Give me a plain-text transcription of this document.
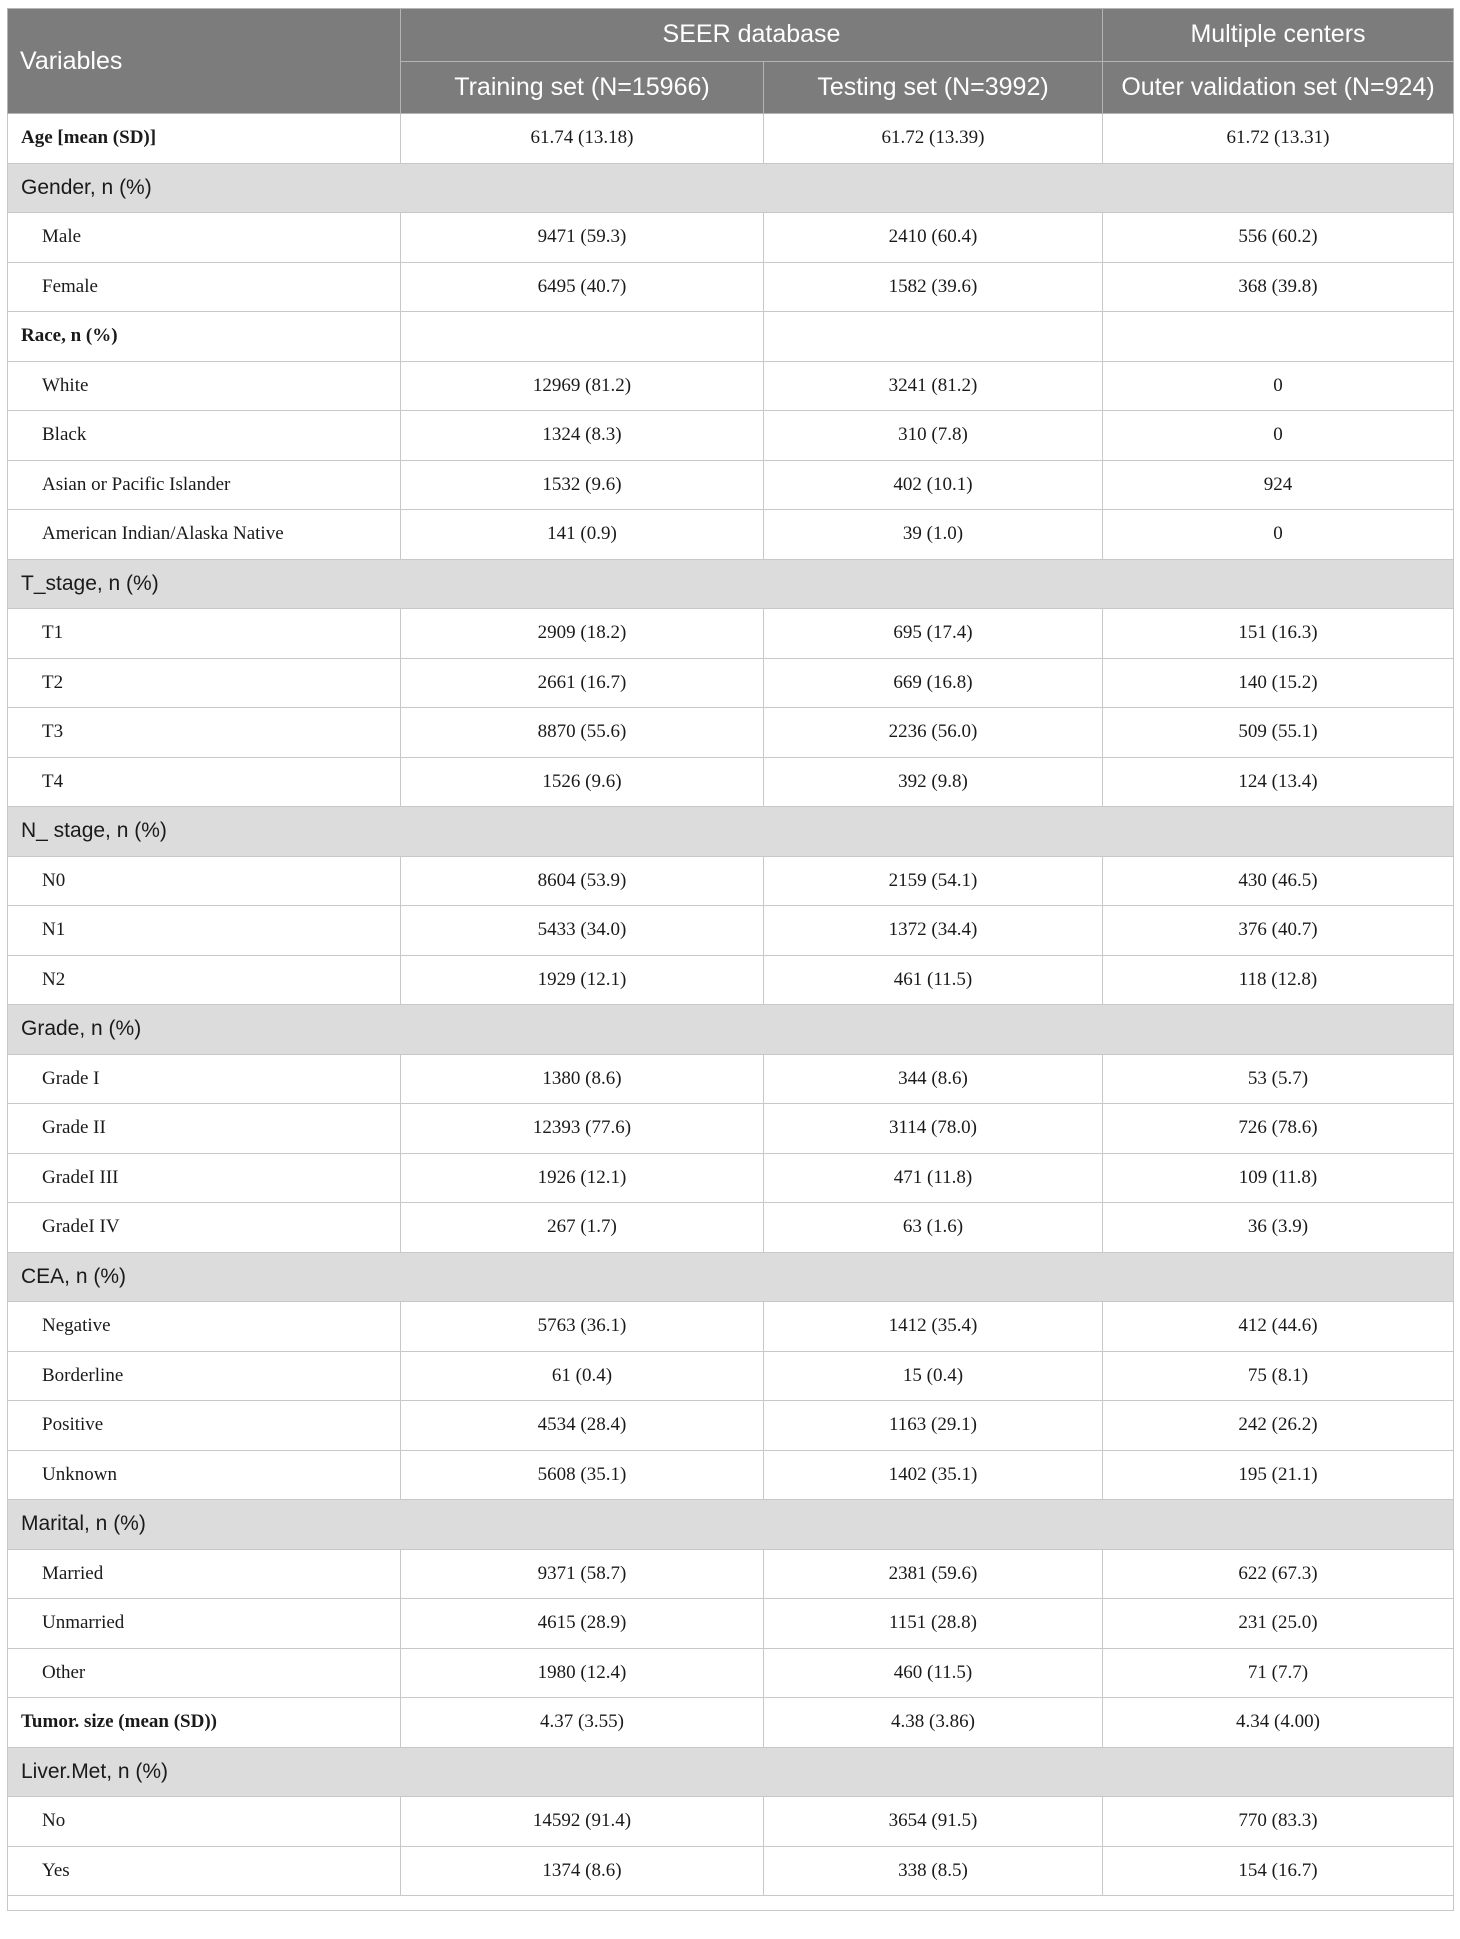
Variables	SEER database		Multiple centers
	Training set (N=15966)	Testing set (N=3992)	Outer validation set (N=924)
Age [mean (SD)]	61.74 (13.18)	61.72 (13.39)	61.72 (13.31)
Gender, n (%)			
Male	9471 (59.3)	2410 (60.4)	556 (60.2)
Female	6495 (40.7)	1582 (39.6)	368 (39.8)
Race, n (%)			
White	12969 (81.2)	3241 (81.2)	0
Black	1324 (8.3)	310 (7.8)	0
Asian or Pacific Islander	1532 (9.6)	402 (10.1)	924
American Indian/Alaska Native	141 (0.9)	39 (1.0)	0
T_stage, n (%)			
T1	2909 (18.2)	695 (17.4)	151 (16.3)
T2	2661 (16.7)	669 (16.8)	140 (15.2)
T3	8870 (55.6)	2236 (56.0)	509 (55.1)
T4	1526 (9.6)	392 (9.8)	124 (13.4)
N_ stage, n (%)			
N0	8604 (53.9)	2159 (54.1)	430 (46.5)
N1	5433 (34.0)	1372 (34.4)	376 (40.7)
N2	1929 (12.1)	461 (11.5)	118 (12.8)
Grade, n (%)			
Grade I	1380 (8.6)	344 (8.6)	53 (5.7)
Grade II	12393 (77.6)	3114 (78.0)	726 (78.6)
GradeI III	1926 (12.1)	471 (11.8)	109 (11.8)
GradeI IV	267 (1.7)	63 (1.6)	36 (3.9)
CEA, n (%)			
Negative	5763 (36.1)	1412 (35.4)	412 (44.6)
Borderline	61 (0.4)	15 (0.4)	75 (8.1)
Positive	4534 (28.4)	1163 (29.1)	242 (26.2)
Unknown	5608 (35.1)	1402 (35.1)	195 (21.1)
Marital, n (%)			
Married	9371 (58.7)	2381 (59.6)	622 (67.3)
Unmarried	4615 (28.9)	1151 (28.8)	231 (25.0)
Other	1980 (12.4)	460 (11.5)	71 (7.7)
Tumor. size (mean (SD))	4.37 (3.55)	4.38 (3.86)	4.34 (4.00)
Liver.Met, n (%)			
No	14592 (91.4)	3654 (91.5)	770 (83.3)
Yes	1374 (8.6)	338 (8.5)	154 (16.7)
